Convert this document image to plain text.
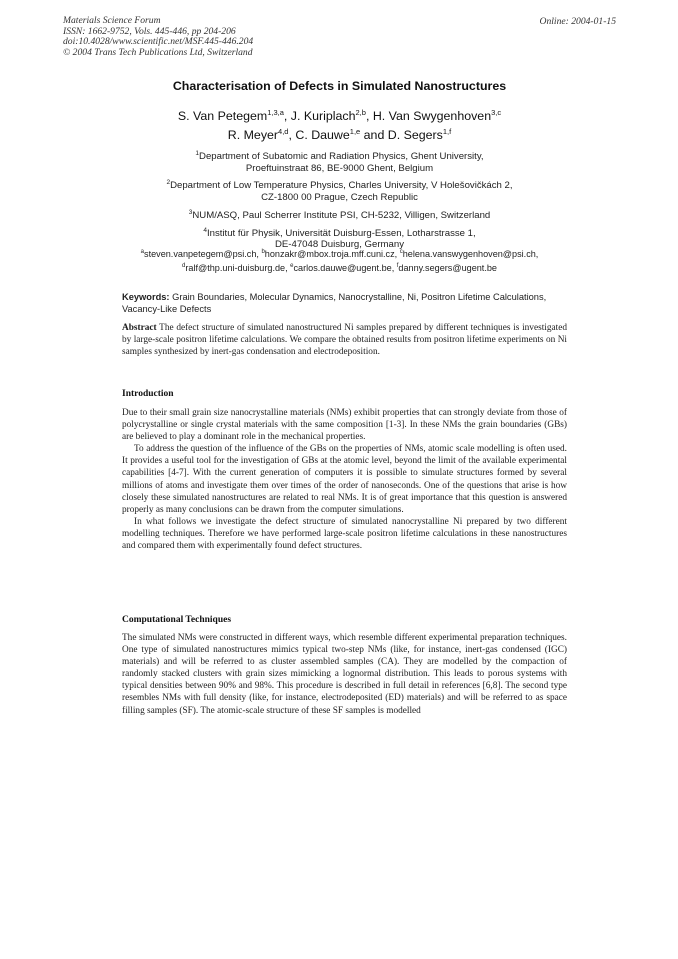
Materials Science Forum
ISSN: 1662-9752, Vols. 445-446, pp 204-206
doi:10.4028/www.scientific.net/MSF.445-446.204
© 2004 Trans Tech Publications Ltd, Switzerland
Online: 2004-01-15
Characterisation of Defects in Simulated Nanostructures
S. Van Petegem$^{1,3,a}$, J. Kuriplach$^{2,b}$, H. Van Swygenhoven$^{3,c}$
R. Meyer$^{4,d}$, C. Dauwe$^{1,e}$ and D. Segers$^{1,f}$
$^1$Department of Subatomic and Radiation Physics, Ghent University,
Proeftuinstraat 86, BE-9000 Ghent, Belgium
$^2$Department of Low Temperature Physics, Charles University, V Holešovičkách 2,
CZ-1800 00 Prague, Czech Republic
$^3$NUM/ASQ, Paul Scherrer Institute PSI, CH-5232, Villigen, Switzerland
$^4$Institut für Physik, Universität Duisburg-Essen, Lotharstrasse 1,
DE-47048 Duisburg, Germany
$^a$steven.vanpetegem@psi.ch, $^b$honzakr@mbox.troja.mff.cuni.cz, $^c$helena.vanswygenhoven@psi.ch,
$^d$ralf@thp.uni-duisburg.de, $^e$carlos.dauwe@ugent.be, $^f$danny.segers@ugent.be
Keywords: Grain Boundaries, Molecular Dynamics, Nanocrystalline, Ni, Positron Lifetime Calculations, Vacancy-Like Defects

Abstract The defect structure of simulated nanostructured Ni samples prepared by different techniques is investigated by large-scale positron lifetime calculations. We compare the obtained results from positron lifetime experiments on Ni samples synthesized by inert-gas condensation and electrodeposition.

Introduction

Due to their small grain size nanocrystalline materials (NMs) exhibit properties that can strongly deviate from those of polycrystalline or single crystal materials with the same composition [1-3]. In these NMs the grain boundaries (GBs) are believed to play a dominant role in the mechanical properties.

To address the question of the influence of the GBs on the properties of NMs, atomic scale modelling is often used. It provides a useful tool for the investigation of GBs at the atomic level, beyond the limit of the available experimental capabilities [4-7]. With the current generation of computers it is possible to simulate structures formed by several millions of atoms and investigate them over times of the order of nanoseconds. One of the questions that arise is how closely these simulated nanostructures are related to real NMs. It is of great importance that this question is answered properly as many conclusions can be drawn from the computer simulations.

In what follows we investigate the defect structure of simulated nanocrystalline Ni prepared by two different modelling techniques. Therefore we have performed large-scale positron lifetime calculations in these nanostructures and compared them with experimentally found defect structures.

Computational Techniques

The simulated NMs were constructed in different ways, which resemble different experimental preparation techniques. One type of simulated nanostructures mimics typical two-step NMs (like, for instance, inert-gas condensed (IGC) materials) and will be referred to as cluster assembled samples (CA). They are modelled by the compaction of randomly stacked clusters with grain sizes mimicking a lognormal distribution. This leads to porous systems with typical densities between 90% and 98%. This procedure is described in full detail in references [6,8]. The second type resembles NMs with full density (like, for instance, electrodeposited (ED) materials) and will be referred to as space filling samples (SF). The atomic-scale structure of these SF samples is modelled
